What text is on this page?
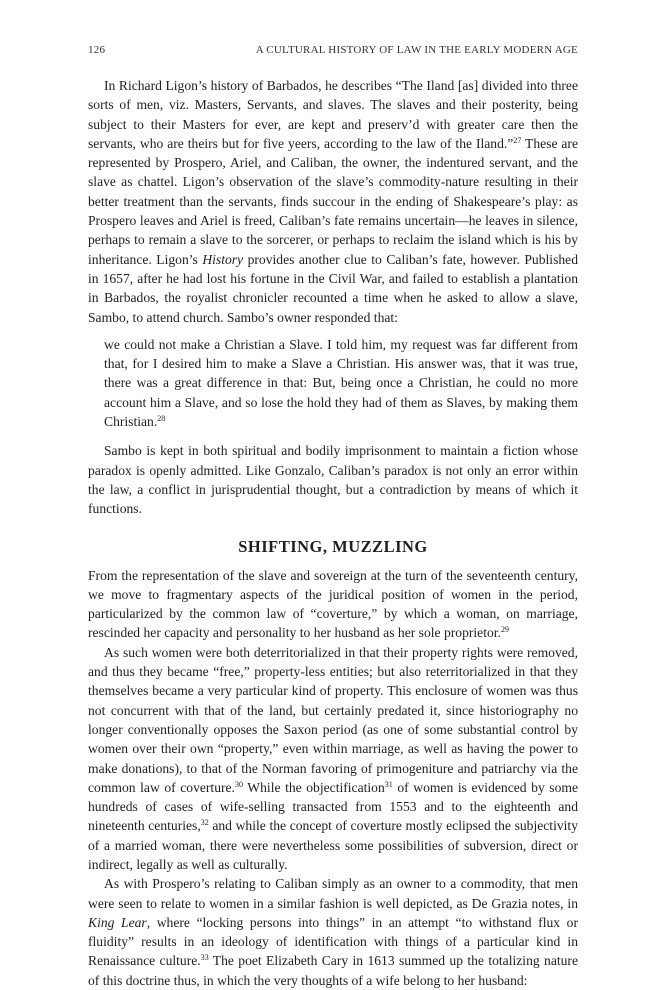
126	A CULTURAL HISTORY OF LAW IN THE EARLY MODERN AGE

In Richard Ligon’s history of Barbados, he describes “The Iland [as] divided into three sorts of men, viz. Masters, Servants, and slaves. The slaves and their posterity, being subject to their Masters for ever, are kept and preserv’d with greater care then the servants, who are theirs but for five yeers, according to the law of the Iland.”$^{27}$ These are represented by Prospero, Ariel, and Caliban, the owner, the indentured servant, and the slave as chattel. Ligon’s observation of the slave’s commodity-nature resulting in their better treatment than the servants, finds succour in the ending of Shakespeare’s play: as Prospero leaves and Ariel is freed, Caliban’s fate remains uncertain—he leaves in silence, perhaps to remain a slave to the sorcerer, or perhaps to reclaim the island which is his by inheritance. Ligon’s History provides another clue to Caliban’s fate, however. Published in 1657, after he had lost his fortune in the Civil War, and failed to establish a plantation in Barbados, the royalist chronicler recounted a time when he asked to allow a slave, Sambo, to attend church. Sambo’s owner responded that:

we could not make a Christian a Slave. I told him, my request was far different from that, for I desired him to make a Slave a Christian. His answer was, that it was true, there was a great difference in that: But, being once a Christian, he could no more account him a Slave, and so lose the hold they had of them as Slaves, by making them Christian.$^{28}$

Sambo is kept in both spiritual and bodily imprisonment to maintain a fiction whose paradox is openly admitted. Like Gonzalo, Caliban’s paradox is not only an error within the law, a conflict in jurisprudential thought, but a contradiction by means of which it functions.

SHIFTING, MUZZLING

From the representation of the slave and sovereign at the turn of the seventeenth century, we move to fragmentary aspects of the juridical position of women in the period, particularized by the common law of “coverture,” by which a woman, on marriage, rescinded her capacity and personality to her husband as her sole proprietor.$^{29}$

As such women were both deterritorialized in that their property rights were removed, and thus they became “free,” property-less entities; but also reterritorialized in that they themselves became a very particular kind of property. This enclosure of women was thus not concurrent with that of the land, but certainly predated it, since historiography no longer conventionally opposes the Saxon period (as one of some substantial control by women over their own “property,” even within marriage, as well as having the power to make donations), to that of the Norman favoring of primogeniture and patriarchy via the common law of coverture.$^{30}$ While the objectification$^{31}$ of women is evidenced by some hundreds of cases of wife-selling transacted from 1553 and to the eighteenth and nineteenth centuries,$^{32}$ and while the concept of coverture mostly eclipsed the subjectivity of a married woman, there were nevertheless some possibilities of subversion, direct or indirect, legally as well as culturally.

As with Prospero’s relating to Caliban simply as an owner to a commodity, that men were seen to relate to women in a similar fashion is well depicted, as De Grazia notes, in King Lear, where “locking persons into things” in an attempt “to withstand flux or fluidity” results in an ideology of identification with things of a particular kind in Renaissance culture.$^{33}$ The poet Elizabeth Cary in 1613 summed up the totalizing nature of this doctrine thus, in which the very thoughts of a wife belong to her husband:
